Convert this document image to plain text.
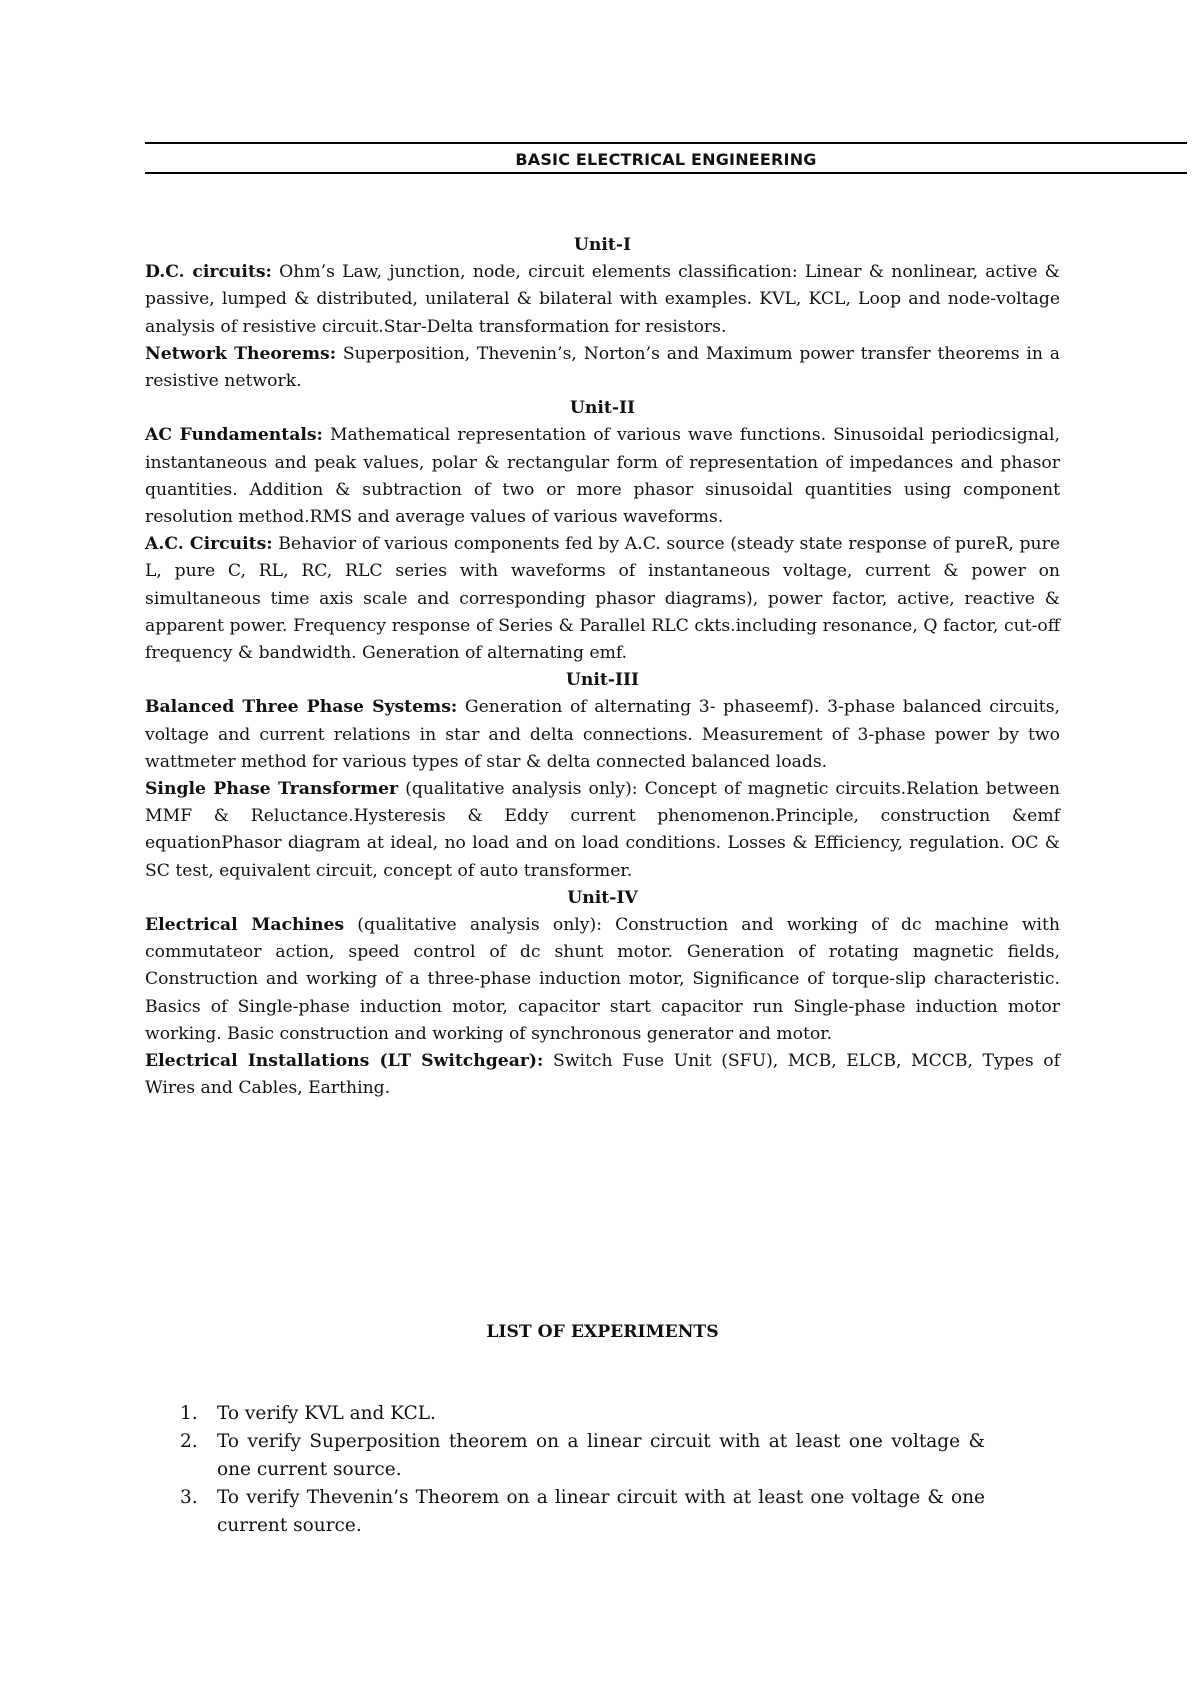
BASIC ELECTRICAL ENGINEERING

Unit-I

D.C. circuits: Ohm’s Law, junction, node, circuit elements classification: Linear & nonlinear, active & passive, lumped & distributed, unilateral & bilateral with examples. KVL, KCL, Loop and node-voltage analysis of resistive circuit.Star-Delta transformation for resistors.

Network Theorems: Superposition, Thevenin’s, Norton’s and Maximum power transfer theorems in a resistive network.

Unit-II

AC Fundamentals: Mathematical representation of various wave functions. Sinusoidal periodicsignal, instantaneous and peak values, polar & rectangular form of representation of impedances and phasor quantities. Addition & subtraction of two or more phasor sinusoidal quantities using component resolution method.RMS and average values of various waveforms.

A.C. Circuits: Behavior of various components fed by A.C. source (steady state response of pureR, pure L, pure C, RL, RC, RLC series with waveforms of instantaneous voltage, current & power on simultaneous time axis scale and corresponding phasor diagrams), power factor, active, reactive & apparent power. Frequency response of Series & Parallel RLC ckts.including resonance, Q factor, cut-off frequency & bandwidth. Generation of alternating emf.

Unit-III

Balanced Three Phase Systems: Generation of alternating 3- phaseemf). 3-phase balanced circuits, voltage and current relations in star and delta connections. Measurement of 3-phase power by two wattmeter method for various types of star & delta connected balanced loads.

Single Phase Transformer (qualitative analysis only): Concept of magnetic circuits.Relation between MMF & Reluctance.Hysteresis & Eddy current phenomenon.Principle, construction &emf equationPhasor diagram at ideal, no load and on load conditions. Losses & Efficiency, regulation. OC & SC test, equivalent circuit, concept of auto transformer.

Unit-IV

Electrical Machines (qualitative analysis only): Construction and working of dc machine with commutateor action, speed control of dc shunt motor. Generation of rotating magnetic fields, Construction and working of a three-phase induction motor, Significance of torque-slip characteristic. Basics of Single-phase induction motor, capacitor start capacitor run Single-phase induction motor working. Basic construction and working of synchronous generator and motor.

Electrical Installations (LT Switchgear): Switch Fuse Unit (SFU), MCB, ELCB, MCCB, Types of Wires and Cables, Earthing.

LIST OF EXPERIMENTS
1. To verify KVL and KCL.
2. To verify Superposition theorem on a linear circuit with at least one voltage & one current source.
3. To verify Thevenin’s Theorem on a linear circuit with at least one voltage & one current source.
